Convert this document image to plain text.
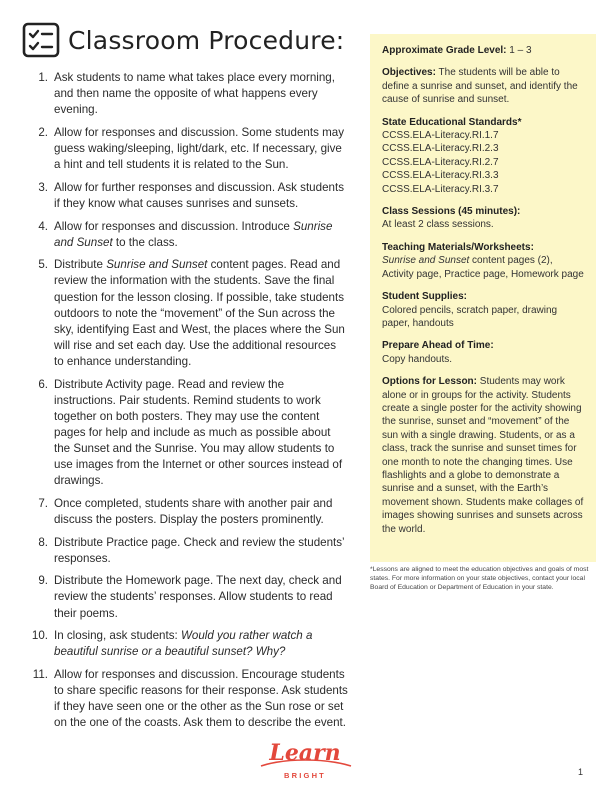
Classroom Procedure:
1. Ask students to name what takes place every morning, and then name the opposite of what happens every evening.
2. Allow for responses and discussion. Some students may guess waking/sleeping, light/dark, etc. If necessary, give a hint and tell students it is related to the Sun.
3. Allow for further responses and discussion. Ask students if they know what causes sunrises and sunsets.
4. Allow for responses and discussion. Introduce Sunrise and Sunset to the class.
5. Distribute Sunrise and Sunset content pages. Read and review the information with the students. Save the final question for the lesson closing. If possible, take students outdoors to note the “movement” of the Sun across the sky, identifying East and West, the places where the Sun will rise and set each day. Use the additional resources to enhance understanding.
6. Distribute Activity page. Read and review the instructions. Pair students. Remind students to work together on both posters. They may use the content pages for help and include as much as possible about the Sunset and the Sunrise. You may allow students to use images from the Internet or other sources instead of drawings.
7. Once completed, students share with another pair and discuss the posters. Display the posters prominently.
8. Distribute Practice page. Check and review the students’ responses.
9. Distribute the Homework page. The next day, check and review the students’ responses. Allow students to read their poems.
10. In closing, ask students: Would you rather watch a beautiful sunrise or a beautiful sunset? Why?
11. Allow for responses and discussion. Encourage students to share specific reasons for their response. Ask students if they have seen one or the other as the Sun rose or set on the one of the coasts. Ask them to describe the event.
Approximate Grade Level: 1 – 3
Objectives: The students will be able to define a sunrise and sunset, and identify the cause of sunrise and sunset.
State Educational Standards*
CCSS.ELA-Literacy.RI.1.7
CCSS.ELA-Literacy.RI.2.3
CCSS.ELA-Literacy.RI.2.7
CCSS.ELA-Literacy.RI.3.3
CCSS.ELA-Literacy.RI.3.7
Class Sessions (45 minutes):
At least 2 class sessions.
Teaching Materials/Worksheets:
Sunrise and Sunset content pages (2), Activity page, Practice page, Homework page
Student Supplies:
Colored pencils, scratch paper, drawing paper, handouts
Prepare Ahead of Time:
Copy handouts.
Options for Lesson: Students may work alone or in groups for the activity. Students create a single poster for the activity showing the sunrise, sunset and “movement” of the sun with a single drawing. Students, or as a class, track the sunrise and sunset times for one month to note the changing times. Use flashlights and a globe to demonstrate a sunrise and a sunset, with the Earth’s movement shown. Students make collages of images showing sunrises and sunsets across the world.
*Lessons are aligned to meet the education objectives and goals of most states. For more information on your state objectives, contact your local Board of Education or Department of Education in your state.
Learn
BRIGHT	1
